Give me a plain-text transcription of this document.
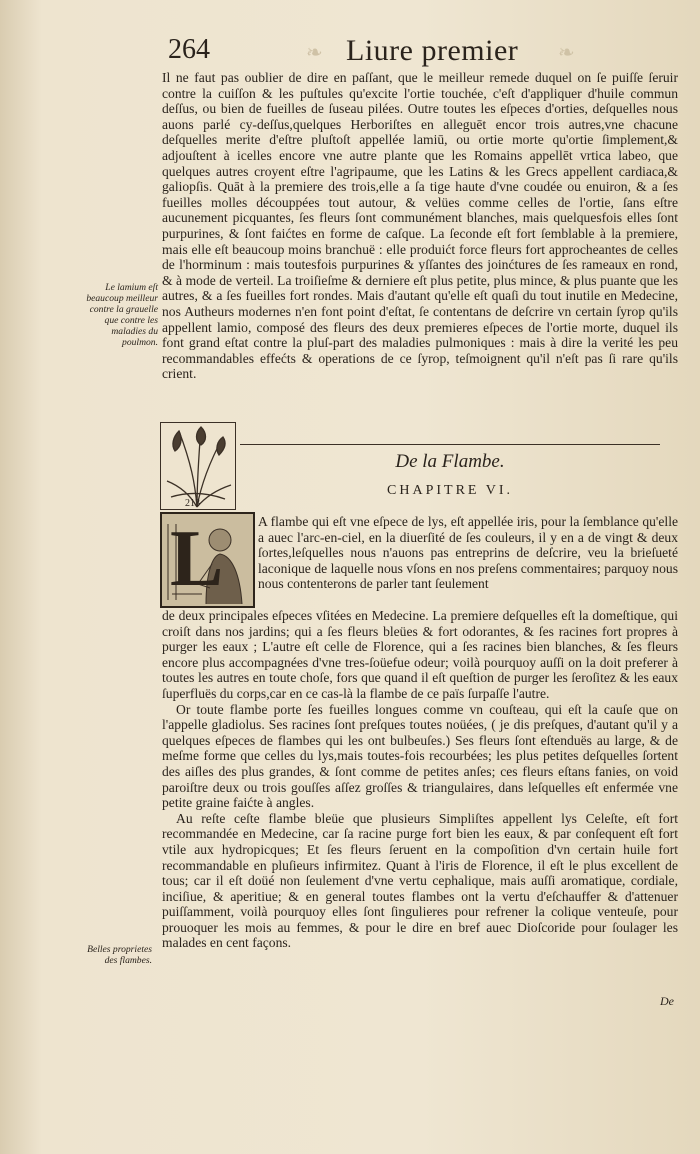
❧	❧
264	Liure premier

Il ne faut pas oublier de dire en paſſant, que le meilleur remede duquel on ſe puiſſe ſeruir contre la cuiſſon & les puſtules qu'excite l'ortie touchée, c'eſt d'appliquer d'huile commun deſſus, ou bien de fueilles de ſuseau pilées. Outre toutes les eſpeces d'orties, deſquelles nous auons parlé cy-deſſus,quelques Herboriſtes en alleguēt encor trois autres,vne chacune deſquelles merite d'eſtre pluſtoſt appellée lamiū, ou ortie morte qu'ortie ſimplement,& adjouſtent à icelles encore vne autre plante que les Romains appellēt vrtica labeo, que quelques autres croyent eſtre l'agripaume, que les Latins & les Grecs appellent cardiaca,& galiopſis. Quāt à la premiere des trois,elle a ſa tige haute d'vne coudée ou enuiron, & a ſes fueilles molles découppées tout autour, & velües comme celles de l'ortie, ſans eſtre aucunement picquantes, ſes fleurs ſont communément blanches, mais quelquesfois elles ſont purpurines, & ſont faićtes en forme de caſque. La ſeconde eſt fort ſemblable à la premiere, mais elle eſt beaucoup moins branchuë : elle produićt force fleurs fort approcheantes de celles de l'horminum : mais toutesfois purpurines & yſſantes des joinćtures de ſes rameaux en rond, & à mode de verteil. La troiſieſme & derniere eſt plus petite, plus mince, & plus puante que les autres, & a ſes fueilles fort rondes. Mais d'autant qu'elle eſt quaſi du tout inutile en Medecine, nos Autheurs modernes n'en font point d'eſtat, ſe contentans de deſcrire vn certain ſyrop qu'ils appellent lamio, composé des fleurs des deux premieres eſpeces de l'ortie morte, duquel ils font grand eſtat contre la pluſ-part des maladies pulmoniques : mais à dire la verité les peu recommandables effećts & operations de ce ſyrop, teſmoignent qu'il n'eſt pas ſi rare qu'ils crient.

Le lamium eſt beaucoup meilleur contre la grauelle que contre les maladies du poulmon.
213
De la Flambe.
CHAPITRE VI.
L	A flambe qui eſt vne eſpece de lys, eſt appellée iris, pour la ſemblance qu'elle a auec l'arc-en-ciel, en la diuerſité de ſes couleurs, il y en a de vingt & deux ſortes,leſquelles nous n'auons pas entreprins de deſcrire, veu la brieſueté laconique de laquelle nous vſons en nos preſens commentaires; parquoy nous nous contenterons de parler tant ſeulement

de deux principales eſpeces vſitées en Medecine. La premiere deſquelles eſt la domeſtique, qui croiſt dans nos jardins; qui a ſes fleurs bleües & fort odorantes, & ſes racines fort propres à purger les eaux ; L'autre eſt celle de Florence, qui a ſes racines bien blanches, & ſes fleurs encore plus accompagnées d'vne tres-ſoüefue odeur; voilà pourquoy auſſi on la doit preferer à toutes les autres en toute choſe, fors que quand il eſt queſtion de purger les ſeroſitez & les eaux ſuperfluës du corps,car en ce cas-là la flambe de ce païs ſurpaſſe l'autre.

Or toute flambe porte ſes fueilles longues comme vn couſteau, qui eſt la cauſe que on l'appelle gladiolus. Ses racines ſont preſques toutes noüées, ( je dis preſques, d'autant qu'il y a quelques eſpeces de flambes qui les ont bulbeuſes.) Ses fleurs ſont eſtenduës au large, & de meſme forme que celles du lys,mais toutes-fois recourbées; les plus petites deſquelles ſortent des aiſles des plus grandes, & ſont comme de petites anſes; ces fleurs eſtans fanies, on void paroiſtre deux ou trois gouſſes aſſez groſſes & triangulaires, dans leſquelles eſt enfermée vne petite graine faićte à angles.

Au reſte ceſte flambe bleüe que plusieurs Simpliſtes appellent lys Celeſte, eſt fort recommandée en Medecine, car ſa racine purge fort bien les eaux, & par conſequent eſt fort vtile aux hydropicques; Et ſes fleurs ſeruent en la compoſition d'vn certain huile fort recommandable en pluſieurs infirmitez. Quant à l'iris de Florence, il eſt le plus excellent de tous; car il eſt doüé non ſeulement d'vne vertu cephalique, mais auſſi aromatique, cordiale, inciſiue, & aperitiue; & en general toutes flambes ont la vertu d'eſchauffer & d'attenuer puiſſamment, voilà pourquoy elles ſont ſingulieres pour refrener la colique venteuſe, pour prouoquer les mois au femmes, & pour le dire en bref auec Dioſcoride pour ſoulager les malades en cent façons.

Belles proprietes des flambes.
De
